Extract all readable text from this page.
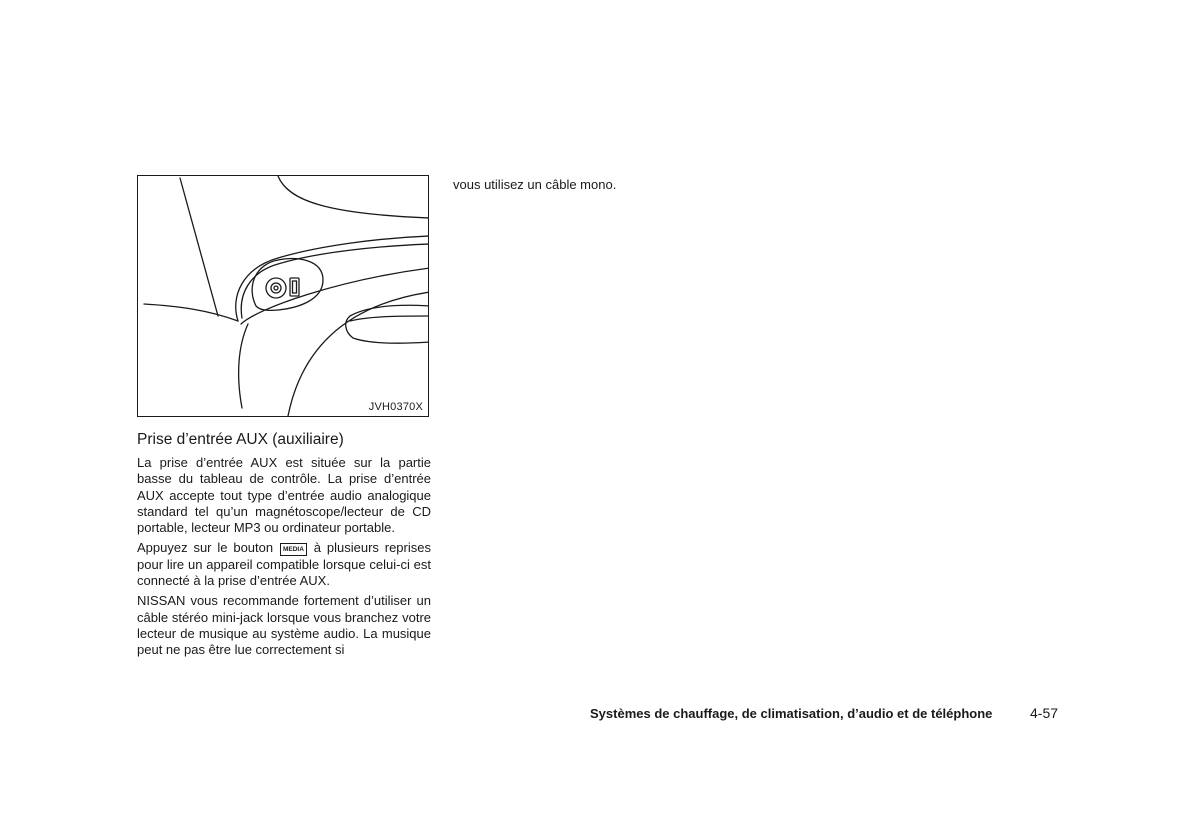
JVH0370X
Prise d’entrée AUX (auxiliaire)

La prise d’entrée AUX est située sur la partie basse du tableau de contrôle. La prise d’entrée AUX accepte tout type d’entrée audio analogique standard tel qu’un magnétoscope/lecteur de CD portable, lecteur MP3 ou ordinateur portable.

Appuyez sur le bouton MEDIA à plusieurs reprises pour lire un appareil compatible lorsque celui-ci est connecté à la prise d’entrée AUX.

NISSAN vous recommande fortement d’utiliser un câble stéréo mini-jack lorsque vous branchez votre lecteur de musique au système audio. La musique peut ne pas être lue correctement si

vous utilisez un câble mono.
Systèmes de chauffage, de climatisation, d’audio et de téléphone	4-57
